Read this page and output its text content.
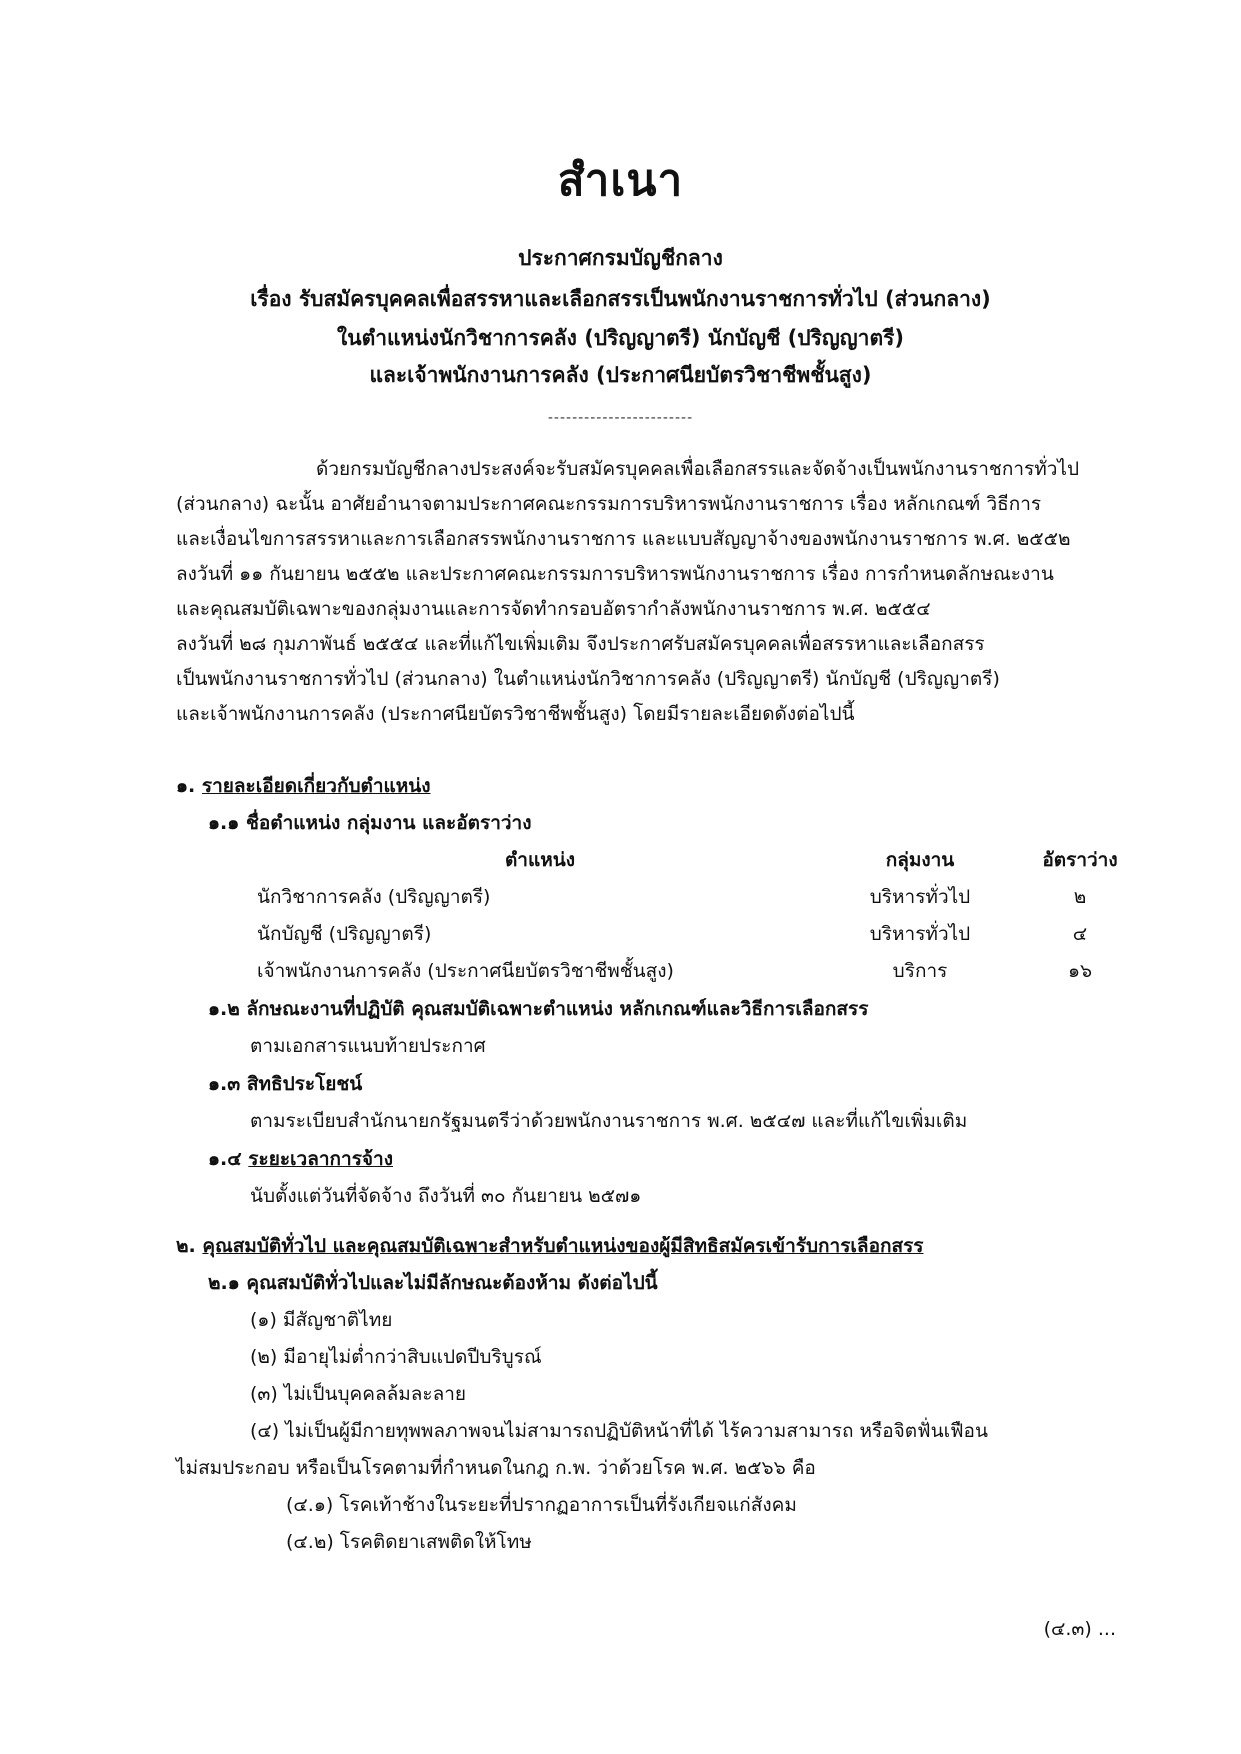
สำเนา
ประกาศกรมบัญชีกลาง
เรื่อง รับสมัครบุคคลเพื่อสรรหาและเลือกสรรเป็นพนักงานราชการทั่วไป (ส่วนกลาง)
ในตำแหน่งนักวิชาการคลัง (ปริญญาตรี) นักบัญชี (ปริญญาตรี)
และเจ้าพนักงานการคลัง (ประกาศนียบัตรวิชาชีพชั้นสูง)
------------------------

ด้วยกรมบัญชีกลางประสงค์จะรับสมัครบุคคลเพื่อเลือกสรรและจัดจ้างเป็นพนักงานราชการทั่วไป

(ส่วนกลาง) ฉะนั้น อาศัยอำนาจตามประกาศคณะกรรมการบริหารพนักงานราชการ เรื่อง หลักเกณฑ์ วิธีการ

และเงื่อนไขการสรรหาและการเลือกสรรพนักงานราชการ และแบบสัญญาจ้างของพนักงานราชการ พ.ศ. ๒๕๕๒

ลงวันที่ ๑๑ กันยายน ๒๕๕๒ และประกาศคณะกรรมการบริหารพนักงานราชการ เรื่อง การกำหนดลักษณะงาน

และคุณสมบัติเฉพาะของกลุ่มงานและการจัดทำกรอบอัตรากำลังพนักงานราชการ พ.ศ. ๒๕๕๔

ลงวันที่ ๒๘ กุมภาพันธ์ ๒๕๕๔ และที่แก้ไขเพิ่มเติม จึงประกาศรับสมัครบุคคลเพื่อสรรหาและเลือกสรร

เป็นพนักงานราชการทั่วไป (ส่วนกลาง) ในตำแหน่งนักวิชาการคลัง (ปริญญาตรี) นักบัญชี (ปริญญาตรี)

และเจ้าพนักงานการคลัง (ประกาศนียบัตรวิชาชีพชั้นสูง) โดยมีรายละเอียดดังต่อไปนี้

๑. รายละเอียดเกี่ยวกับตำแหน่ง
๑.๑ ชื่อตำแหน่ง กลุ่มงาน และอัตราว่าง
ตำแหน่ง	กลุ่มงาน	อัตราว่าง
นักวิชาการคลัง (ปริญญาตรี)	บริหารทั่วไป	๒
นักบัญชี (ปริญญาตรี)	บริหารทั่วไป	๔
เจ้าพนักงานการคลัง (ประกาศนียบัตรวิชาชีพชั้นสูง)	บริการ	๑๖
๑.๒ ลักษณะงานที่ปฏิบัติ คุณสมบัติเฉพาะตำแหน่ง หลักเกณฑ์และวิธีการเลือกสรร
ตามเอกสารแนบท้ายประกาศ
๑.๓ สิทธิประโยชน์
ตามระเบียบสำนักนายกรัฐมนตรีว่าด้วยพนักงานราชการ พ.ศ. ๒๕๔๗ และที่แก้ไขเพิ่มเติม
๑.๔ ระยะเวลาการจ้าง
นับตั้งแต่วันที่จัดจ้าง ถึงวันที่ ๓๐ กันยายน ๒๕๗๑
๒. คุณสมบัติทั่วไป และคุณสมบัติเฉพาะสำหรับตำแหน่งของผู้มีสิทธิสมัครเข้ารับการเลือกสรร
๒.๑ คุณสมบัติทั่วไปและไม่มีลักษณะต้องห้าม ดังต่อไปนี้
(๑) มีสัญชาติไทย
(๒) มีอายุไม่ต่ำกว่าสิบแปดปีบริบูรณ์
(๓) ไม่เป็นบุคคลล้มละลาย
(๔) ไม่เป็นผู้มีกายทุพพลภาพจนไม่สามารถปฏิบัติหน้าที่ได้ ไร้ความสามารถ หรือจิตฟั่นเฟือน
ไม่สมประกอบ หรือเป็นโรคตามที่กำหนดในกฎ ก.พ. ว่าด้วยโรค พ.ศ. ๒๕๖๖ คือ
(๔.๑) โรคเท้าช้างในระยะที่ปรากฏอาการเป็นที่รังเกียจแก่สังคม
(๔.๒) โรคติดยาเสพติดให้โทษ
(๔.๓) ...
